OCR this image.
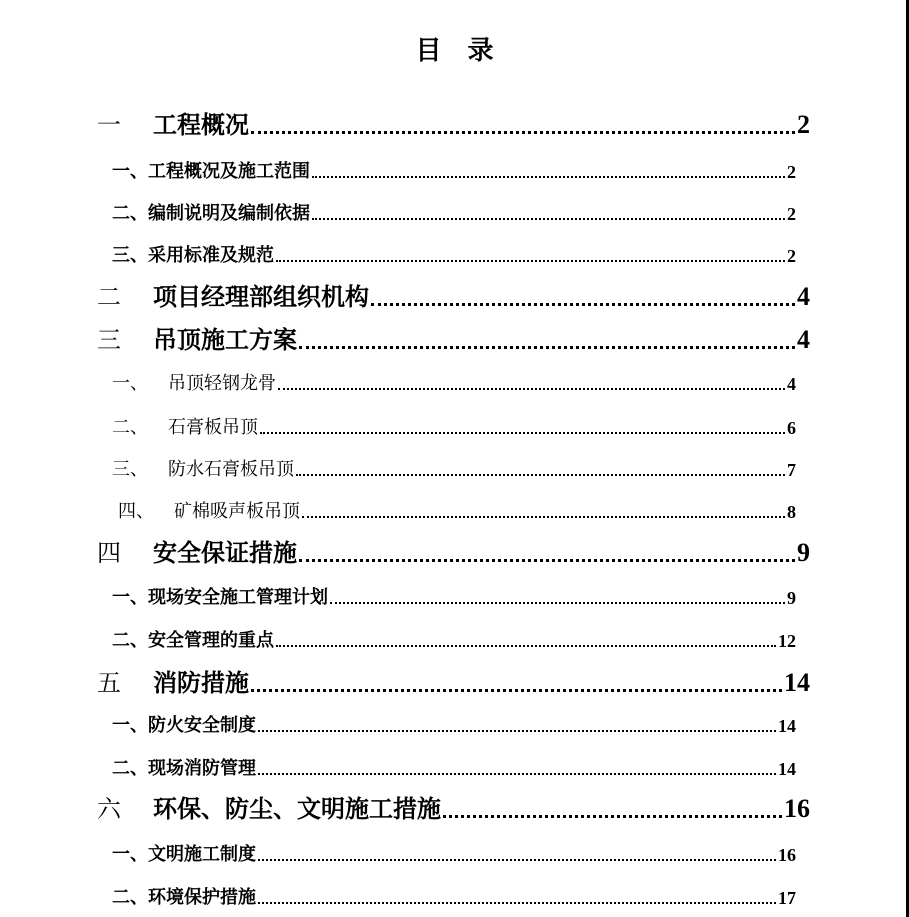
目 录
一	工程概况	2
一、 工程概况及施工范围	2
二、 编制说明及编制依据	2
三、 采用标准及规范	2
二	项目经理部组织机构	4
三	吊顶施工方案	4
一、	吊顶轻钢龙骨	4
二、	石膏板吊顶	6
三、	防水石膏板吊顶	7
四、	矿棉吸声板吊顶	8
四	安全保证措施	9
一、 现场安全施工管理计划	9
二、 安全管理的重点	12
五	消防措施	14
一、 防火安全制度	14
二、 现场消防管理	14
六	环保、防尘、文明施工措施	16
一、 文明施工制度	16
二、 环境保护措施	17
